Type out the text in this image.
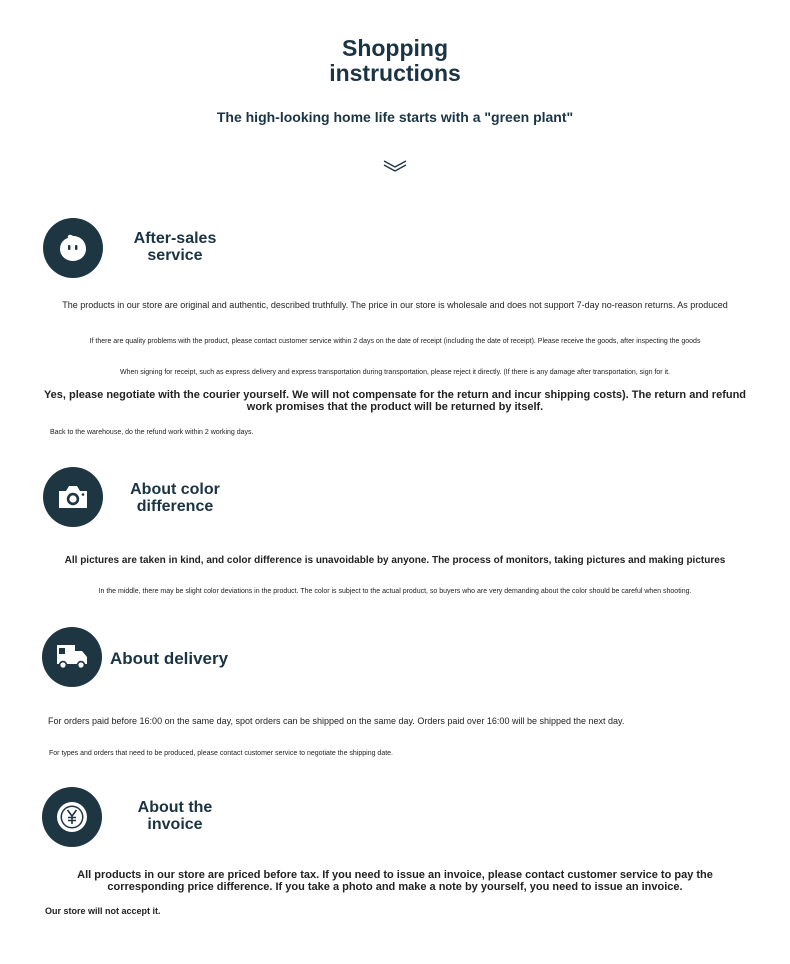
Shopping
instructions
The high-looking home life starts with a "green plant"
After-sales
service
The products in our store are original and authentic, described truthfully. The price in our store is wholesale and does not support 7-day no-reason returns. As produced
If there are quality problems with the product, please contact customer service within 2 days on the date of receipt (including the date of receipt). Please receive the goods, after inspecting the goods
When signing for receipt, such as express delivery and express transportation during transportation, please reject it directly. (If there is any damage after transportation, sign for it.
Yes, please negotiate with the courier yourself. We will not compensate for the return and incur shipping costs). The return and refund work promises that the product will be returned by itself.
Back to the warehouse, do the refund work within 2 working days.
About color
difference
All pictures are taken in kind, and color difference is unavoidable by anyone. The process of monitors, taking pictures and making pictures
In the middle, there may be slight color deviations in the product. The color is subject to the actual product, so buyers who are very demanding about the color should be careful when shooting.
About delivery
For orders paid before 16:00 on the same day, spot orders can be shipped on the same day. Orders paid over 16:00 will be shipped the next day.
For types and orders that need to be produced, please contact customer service to negotiate the shipping date.
About the
invoice
All products in our store are priced before tax. If you need to issue an invoice, please contact customer service to pay the corresponding price difference. If you take a photo and make a note by yourself, you need to issue an invoice.
Our store will not accept it.
